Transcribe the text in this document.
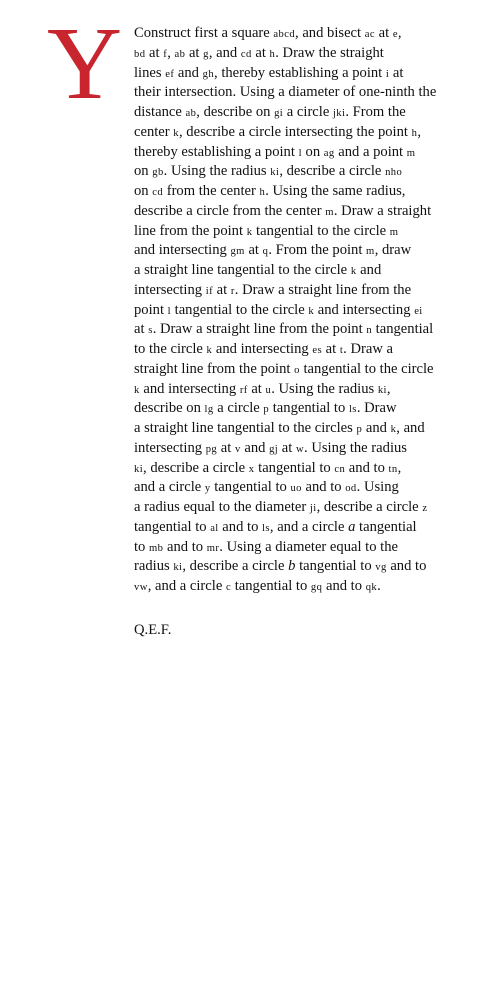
Y Construct first a square abcd, and bisect ac at e,
bd at f, ab at g, and cd at h. Draw the straight
lines ef and gh, thereby establishing a point i at
their intersection. Using a diameter of one-ninth the
distance ab, describe on gi a circle jki. From the
center k, describe a circle intersecting the point h,
thereby establishing a point l on ag and a point m
on gb. Using the radius ki, describe a circle nho
on cd from the center h. Using the same radius,
describe a circle from the center m. Draw a straight
line from the point k tangential to the circle m
and intersecting gm at q. From the point m, draw
a straight line tangential to the circle k and
intersecting if at r. Draw a straight line from the
point l tangential to the circle k and intersecting ei
at s. Draw a straight line from the point n tangential
to the circle k and intersecting es at t. Draw a
straight line from the point o tangential to the circle
k and intersecting rf at u. Using the radius ki,
describe on lg a circle p tangential to ls. Draw
a straight line tangential to the circles p and k, and
intersecting pg at v and gj at w. Using the radius
ki, describe a circle x tangential to cn and to tn,
and a circle y tangential to uo and to od. Using
a radius equal to the diameter ji, describe a circle z
tangential to al and to ls, and a circle a tangential
to mb and to mr. Using a diameter equal to the
radius ki, describe a circle b tangential to vg and to
vw, and a circle c tangential to gq and to qk.
Q.E.F.
